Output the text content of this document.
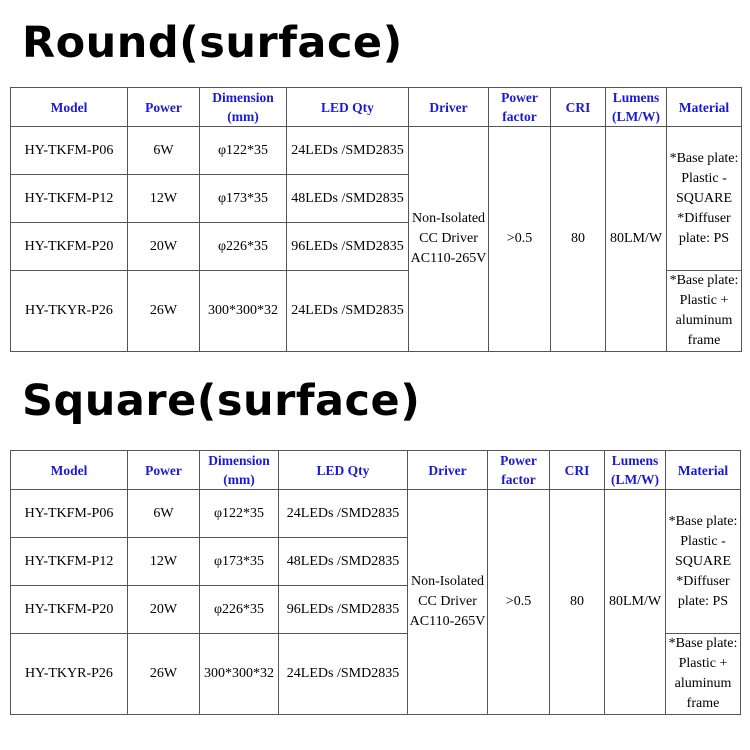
Round(surface)
Model	Power	Dimension (mm)	LED Qty	Driver	Power factor	CRI	Lumens (LM/W)	Material
HY-TKFM-P06	6W	φ122*35	24LEDs /SMD2835	Non-Isolated CC Driver AC110-265V	>0.5	80	80LM/W	*Base plate: Plastic -SQUARE *Diffuser plate: PS
HY-TKFM-P12	12W	φ173*35	48LEDs /SMD2835					
HY-TKFM-P20	20W	φ226*35	96LEDs /SMD2835					
HY-TKYR-P26	26W	300*300*32	24LEDs /SMD2835					*Base plate: Plastic + aluminum frame
Square(surface)
Model	Power	Dimension (mm)	LED Qty	Driver	Power factor	CRI	Lumens (LM/W)	Material
HY-TKFM-P06	6W	φ122*35	24LEDs /SMD2835	Non-Isolated CC Driver AC110-265V	>0.5	80	80LM/W	*Base plate: Plastic -SQUARE *Diffuser plate: PS
HY-TKFM-P12	12W	φ173*35	48LEDs /SMD2835					
HY-TKFM-P20	20W	φ226*35	96LEDs /SMD2835					
HY-TKYR-P26	26W	300*300*32	24LEDs /SMD2835					*Base plate: Plastic + aluminum frame
